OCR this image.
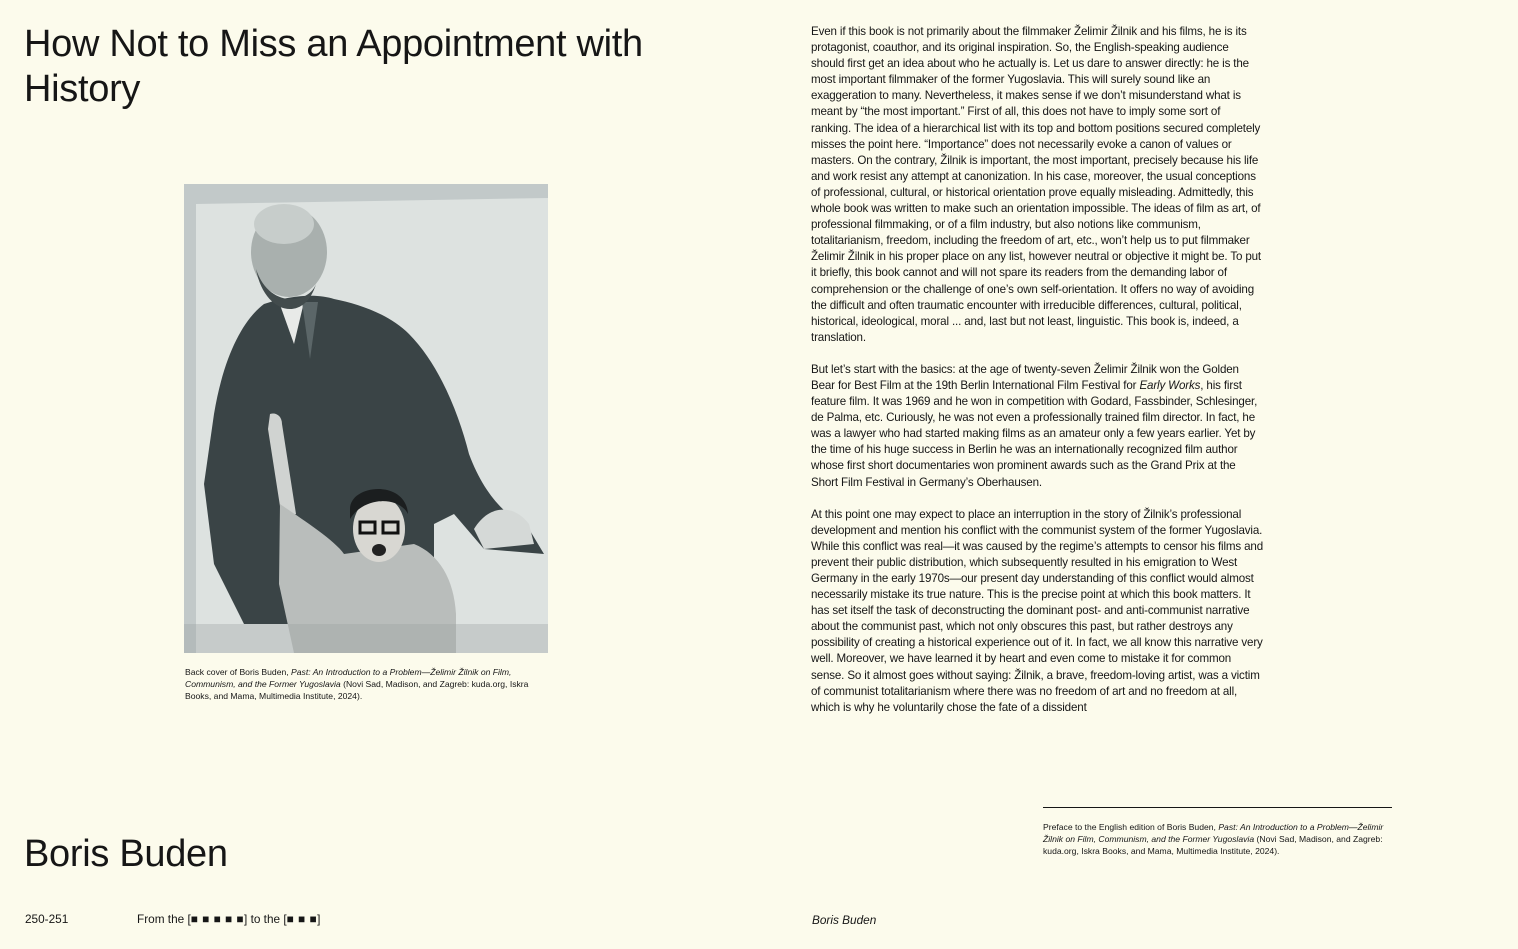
How Not to Miss an Appointment with History
Back cover of Boris Buden, Past: An Introduction to a Problem—Želimir Žilnik on Film, Communism, and the Former Yugoslavia (Novi Sad, Madison, and Zagreb: kuda.org, Iskra Books, and Mama, Multimedia Institute, 2024).
Boris Buden

Even if this book is not primarily about the filmmaker Želimir Žilnik and his films, he is its protagonist, coauthor, and its original inspiration. So, the English-speaking audience should first get an idea about who he actually is. Let us dare to answer directly: he is the most important filmmaker of the former Yugoslavia. This will surely sound like an exaggeration to many. Nevertheless, it makes sense if we don’t misunderstand what is meant by “the most important.” First of all, this does not have to imply some sort of ranking. The idea of a hierarchical list with its top and bottom positions secured completely misses the point here. “Importance” does not necessarily evoke a canon of values or masters. On the contrary, Žilnik is important, the most important, precisely because his life and work resist any attempt at canonization. In his case, moreover, the usual conceptions of professional, cultural, or historical orientation prove equally misleading. Admittedly, this whole book was written to make such an orientation impossible. The ideas of film as art, of professional filmmaking, or of a film industry, but also notions like communism, totalitarianism, freedom, including the freedom of art, etc., won’t help us to put filmmaker Želimir Žilnik in his proper place on any list, however neutral or objective it might be. To put it briefly, this book cannot and will not spare its readers from the demanding labor of comprehension or the challenge of one’s own self-orientation. It offers no way of avoiding the difficult and often traumatic encounter with irreducible differences, cultural, political, historical, ideological, moral ... and, last but not least, linguistic. This book is, indeed, a translation.

But let’s start with the basics: at the age of twenty-seven Želimir Žilnik won the Golden Bear for Best Film at the 19th Berlin International Film Festival for Early Works, his first feature film. It was 1969 and he won in competition with Godard, Fassbinder, Schlesinger, de Palma, etc. Curiously, he was not even a professionally trained film director. In fact, he was a lawyer who had started making films as an amateur only a few years earlier. Yet by the time of his huge success in Berlin he was an internationally recognized film author whose first short documentaries won prominent awards such as the Grand Prix at the Short Film Festival in Germany’s Oberhausen.

At this point one may expect to place an interruption in the story of Žilnik’s professional development and mention his conflict with the communist system of the former Yugoslavia. While this conflict was real—it was caused by the regime’s attempts to censor his films and prevent their public distribution, which subsequently resulted in his emigration to West Germany in the early 1970s—our present day understanding of this conflict would almost necessarily mistake its true nature. This is the precise point at which this book matters. It has set itself the task of deconstructing the dominant post- and anti-communist narrative about the communist past, which not only obscures this past, but rather destroys any possibility of creating a historical experience out of it. In fact, we all know this narrative very well. Moreover, we have learned it by heart and even come to mistake it for common sense. So it almost goes without saying: Žilnik, a brave, freedom-loving artist, was a victim of communist totalitarianism where there was no freedom of art and no freedom at all, which is why he voluntarily chose the fate of a dissident

Preface to the English edition of Boris Buden, Past: An Introduction to a Problem—Želimir Žilnik on Film, Communism, and the Former Yugoslavia (Novi Sad, Madison, and Zagreb: kuda.org, Iskra Books, and Mama, Multimedia Institute, 2024).
250-251	From the [■ ■ ■ ■ ■] to the [■ ■ ■]	Boris Buden
